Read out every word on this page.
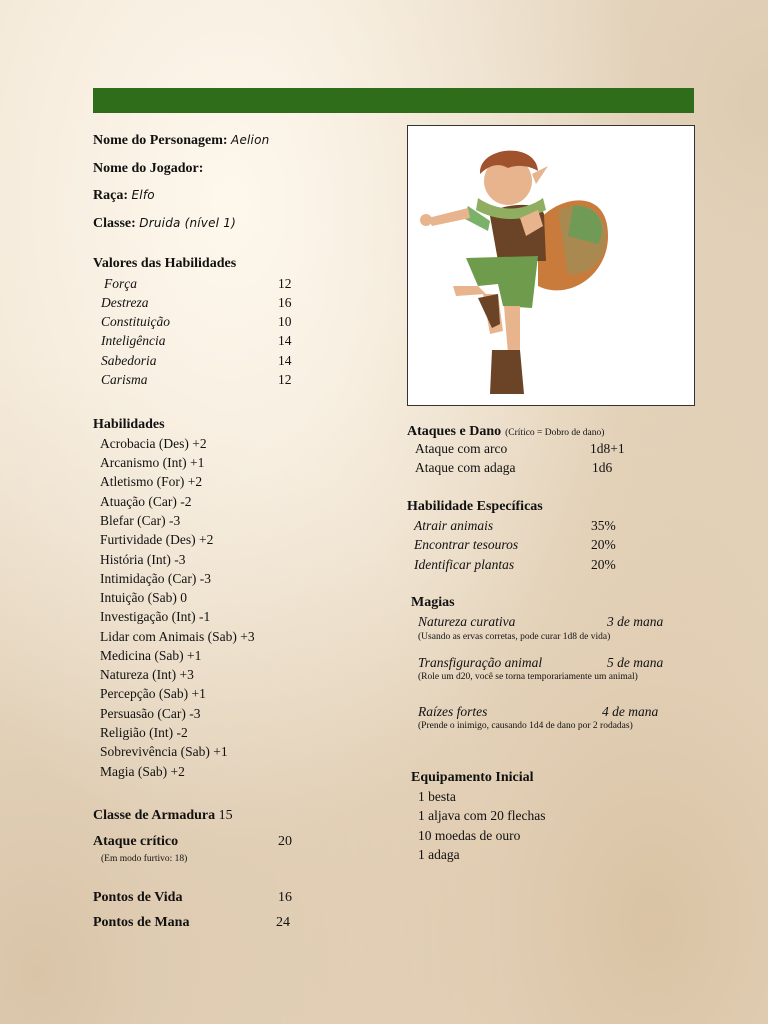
Nome do Personagem: Aelion
Nome do Jogador:
Raça: Elfo
Classe: Druida (nível 1)
Valores das Habilidades
Força	12
Destreza	16
Constituição	10
Inteligência	14
Sabedoria	14
Carisma	12
Habilidades
Acrobacia (Des) +2
Arcanismo (Int) +1
Atletismo (For) +2
Atuação (Car) -2
Blefar (Car) -3
Furtividade (Des) +2
História (Int) -3
Intimidação (Car) -3
Intuição (Sab) 0
Investigação (Int) -1
Lidar com Animais (Sab) +3
Medicina (Sab) +1
Natureza (Int) +3
Percepção (Sab) +1
Persuasão (Car) -3
Religião (Int) -2
Sobrevivência (Sab) +1
Magia (Sab) +2
Classe de Armadura 15
Ataque crítico	20
(Em modo furtivo: 18)
Pontos de Vida	16
Pontos de Mana	24
Ataques e Dano (Crítico = Dobro de dano)
Ataque com arco	1d8+1
Ataque com adaga	1d6
Habilidade Específicas
Atrair animais	35%
Encontrar tesouros	20%
Identificar plantas	20%
Magias
Natureza curativa	3 de mana
(Usando as ervas corretas, pode curar 1d8 de vida)
Transfiguração animal	5 de mana
(Role um d20, você se torna temporariamente um animal)
Raízes fortes	4 de mana
(Prende o inimigo, causando 1d4 de dano por 2 rodadas)
Equipamento Inicial
1 besta
1 aljava com 20 flechas
10 moedas de ouro
1 adaga
